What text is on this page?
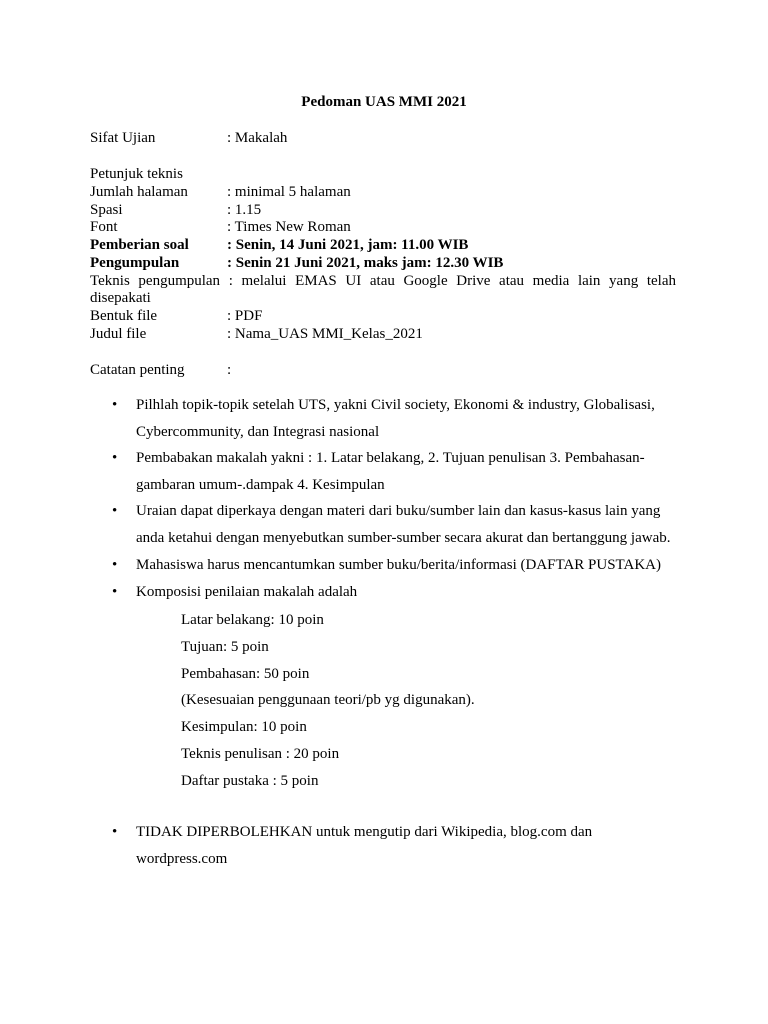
Pedoman UAS MMI 2021
Sifat Ujian	: Makalah
Petunjuk teknis
Jumlah halaman	: minimal 5 halaman
Spasi	: 1.15
Font	: Times New Roman
Pemberian soal	: Senin, 14 Juni 2021, jam: 11.00 WIB
Pengumpulan	: Senin 21 Juni 2021, maks jam: 12.30 WIB
Teknis pengumpulan : melalui EMAS UI atau Google Drive atau media lain yang telah
disepakati
Bentuk file	: PDF
Judul file	: Nama_UAS MMI_Kelas_2021
Catatan penting	:
• Pilhlah topik-topik setelah UTS, yakni Civil society, Ekonomi & industry, Globalisasi,
Cybercommunity, dan Integrasi nasional
• Pembabakan makalah yakni : 1. Latar belakang, 2. Tujuan penulisan 3. Pembahasan-
gambaran umum-.dampak 4. Kesimpulan
• Uraian dapat diperkaya dengan materi dari buku/sumber lain dan kasus-kasus lain yang
anda ketahui dengan menyebutkan sumber-sumber secara akurat dan bertanggung jawab.
• Mahasiswa harus mencantumkan sumber buku/berita/informasi (DAFTAR PUSTAKA)
• Komposisi penilaian makalah adalah
Latar belakang: 10 poin
Tujuan: 5 poin
Pembahasan: 50 poin
(Kesesuaian penggunaan teori/pb yg digunakan).
Kesimpulan: 10 poin
Teknis penulisan : 20 poin
Daftar pustaka : 5 poin
• TIDAK DIPERBOLEHKAN untuk mengutip dari Wikipedia, blog.com dan
wordpress.com
